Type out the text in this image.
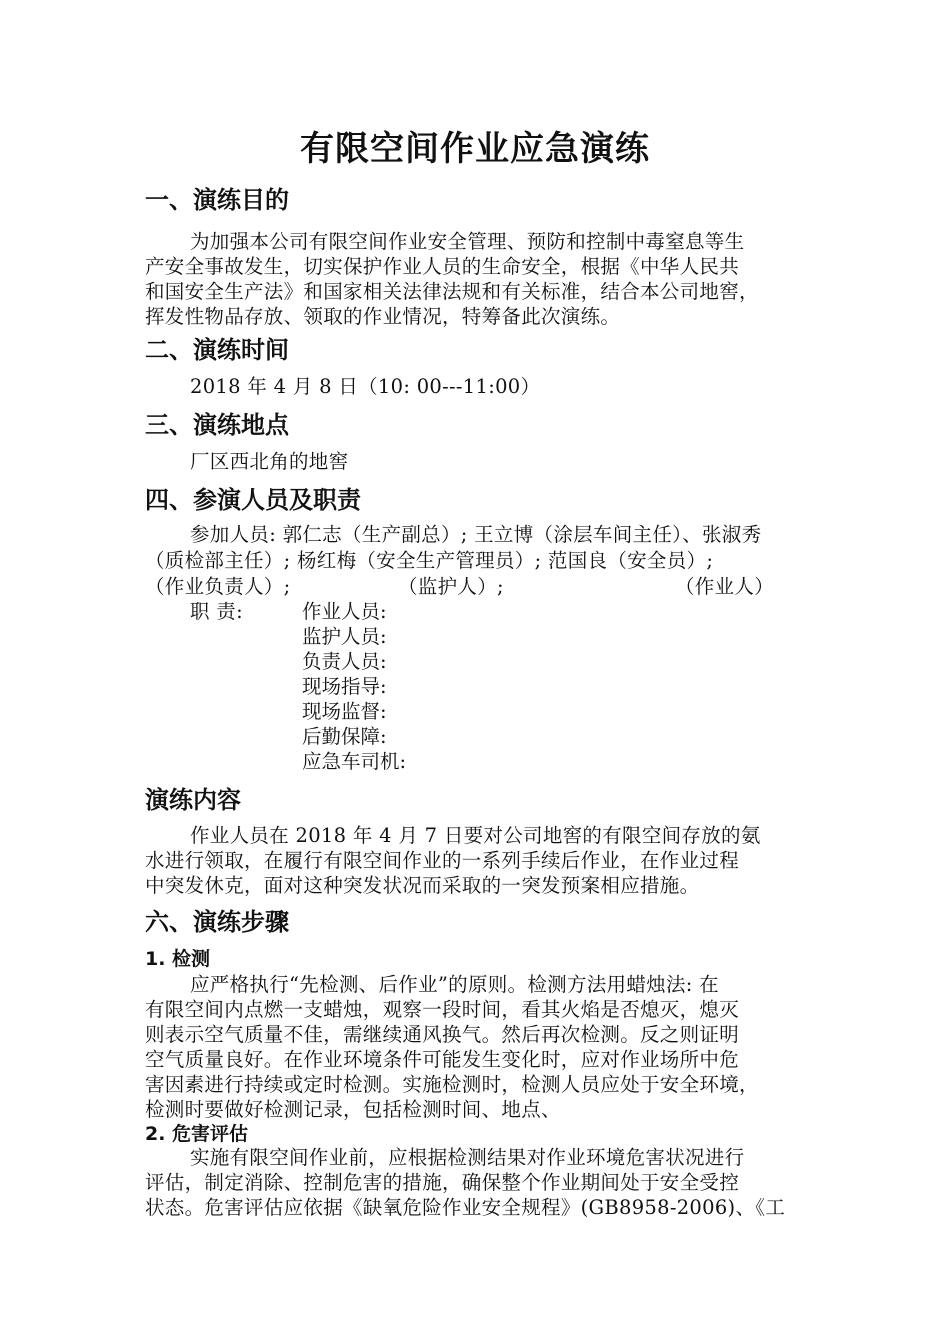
有限空间作业应急演练
一、演练目的
为加强本公司有限空间作业安全管理、预防和控制中毒窒息等生
产安全事故发生，切实保护作业人员的生命安全，根据《中华人民共
和国安全生产法》和国家相关法律法规和有关标准，结合本公司地窖，
挥发性物品存放、领取的作业情况，特筹备此次演练。
二、演练时间
2018 年 4 月 8 日（10: 00---11:00）
三、演练地点
厂区西北角的地窖
四、参演人员及职责
参加人员: 郭仁志（生产副总）; 王立博（涂层车间主任）、张淑秀
（质检部主任）; 杨红梅（安全生产管理员）; 范国良（安全员）;
（作业负责人）;	（监护人）;	（作业人）
职 责:	作业人员:
监护人员:
负责人员:
现场指导:
现场监督:
后勤保障:
应急车司机:
演练内容
作业人员在 2018 年 4 月 7 日要对公司地窖的有限空间存放的氨
水进行领取，在履行有限空间作业的一系列手续后作业，在作业过程
中突发休克，面对这种突发状况而采取的一突发预案相应措施。
六、演练步骤
1. 检测
应严格执行“先检测、后作业”的原则。检测方法用蜡烛法: 在
有限空间内点燃一支蜡烛，观察一段时间，看其火焰是否熄灭，熄灭
则表示空气质量不佳，需继续通风换气。然后再次检测。反之则证明
空气质量良好。在作业环境条件可能发生变化时，应对作业场所中危
害因素进行持续或定时检测。实施检测时，检测人员应处于安全环境，
检测时要做好检测记录，包括检测时间、地点、
2. 危害评估
实施有限空间作业前，应根据检测结果对作业环境危害状况进行
评估，制定消除、控制危害的措施，确保整个作业期间处于安全受控
状态。危害评估应依据《缺氧危险作业安全规程》(GB8958-2006)、《工
